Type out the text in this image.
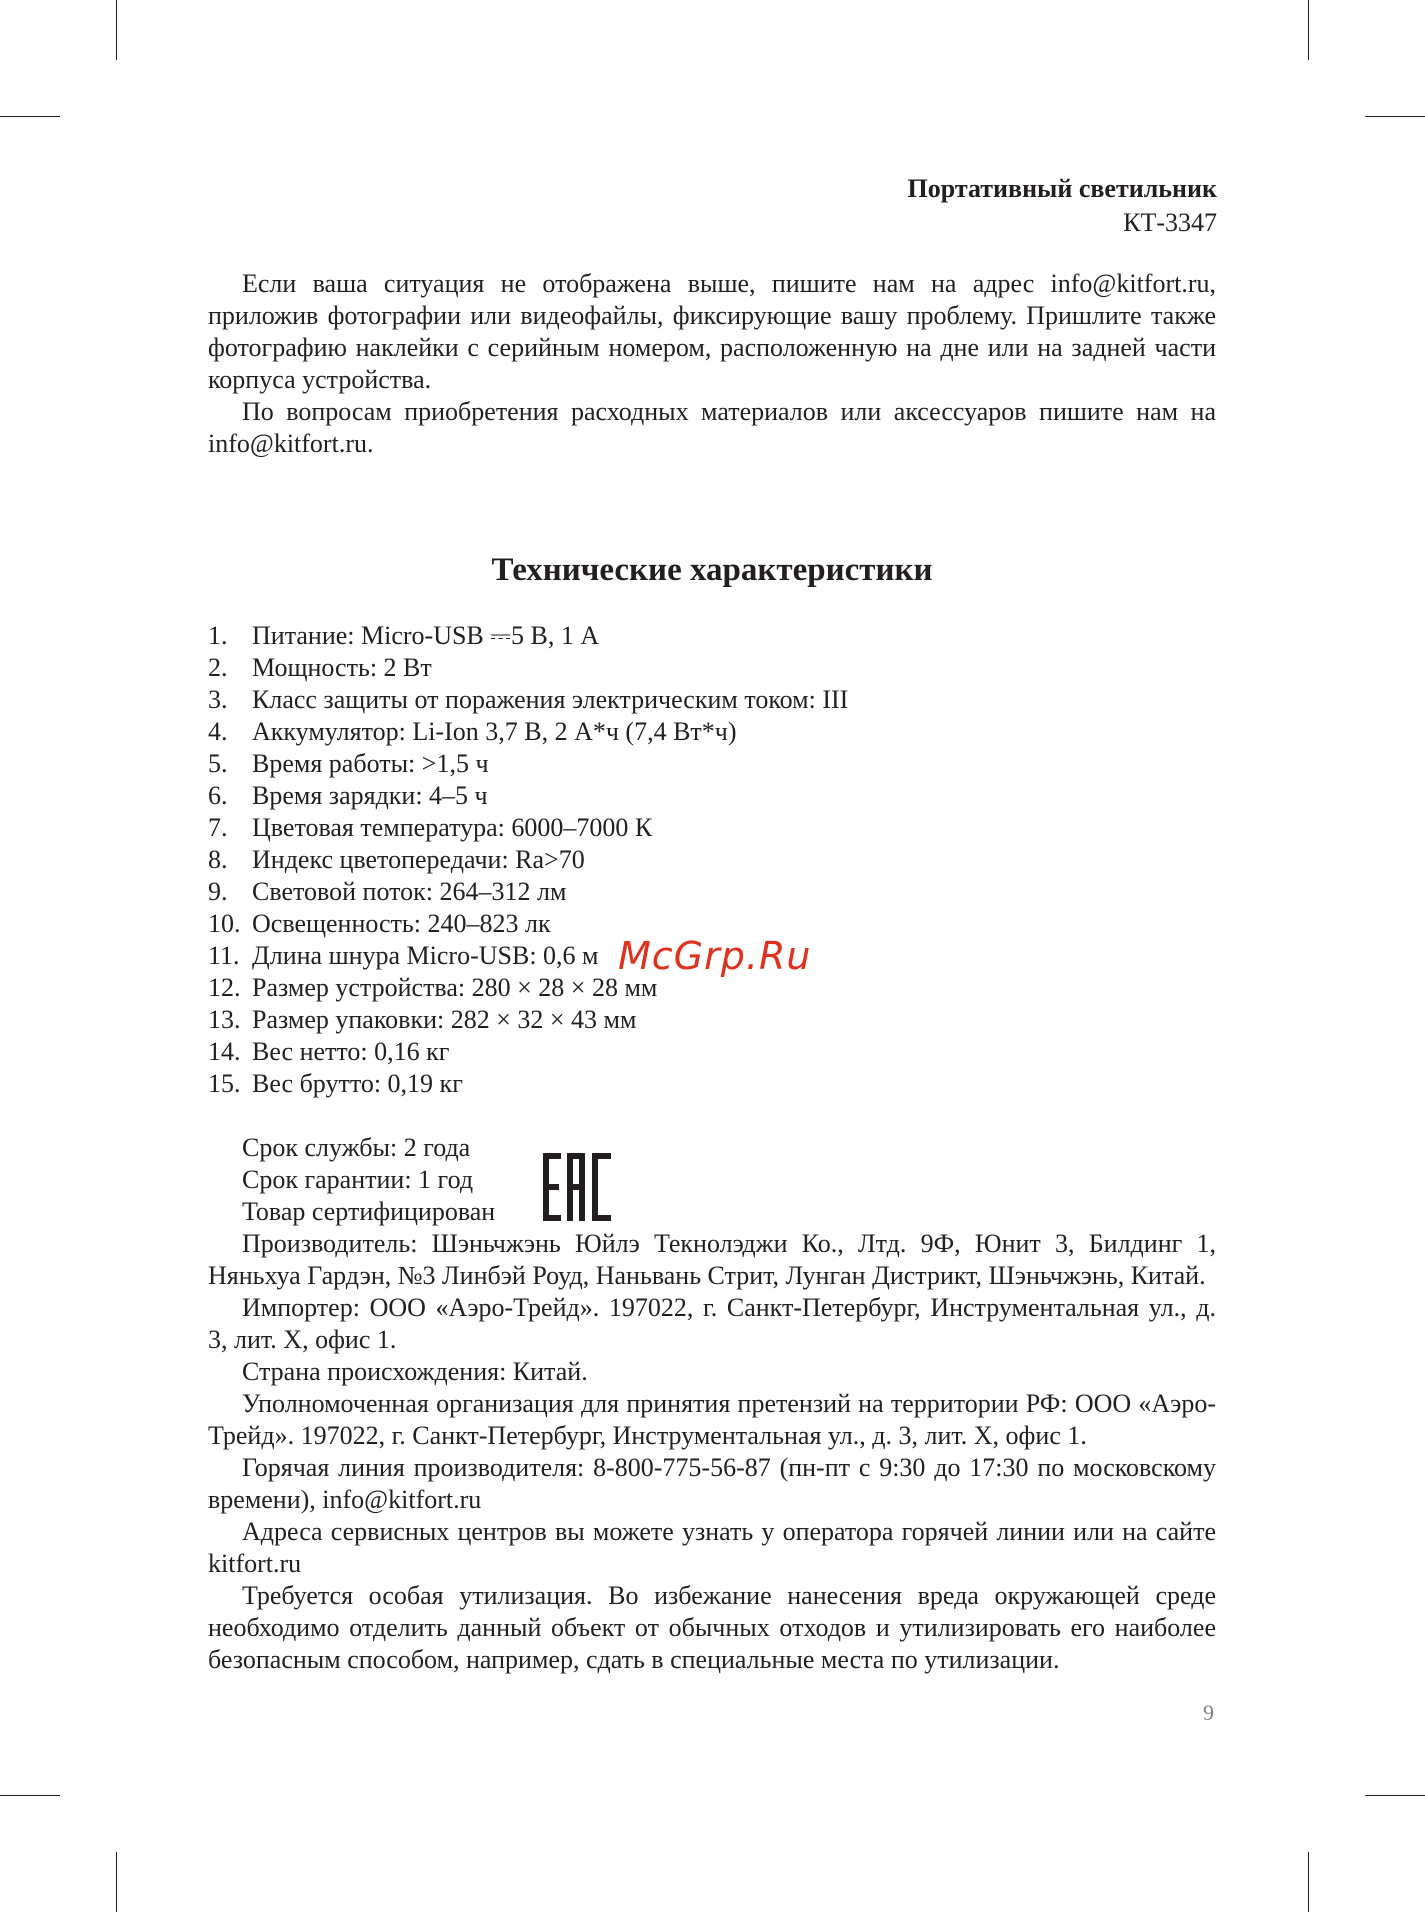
Портативный светильник
КТ-3347

Если ваша ситуация не отображена выше, пишите нам на адрес info@kitfort.ru, приложив фотографии или видеофайлы, фиксирующие вашу проблему. Пришлите также фотографию наклейки с серийным номером, расположенную на дне или на задней части корпуса устройства.

По вопросам приобретения расходных материалов или аксессуаров пишите нам на info@kitfort.ru.

Технические характеристики
1. Питание: Micro-USB ⎓5 В, 1 А
2. Мощность: 2 Вт
3. Класс защиты от поражения электрическим током: III
4. Аккумулятор: Li-Ion 3,7 В, 2 А*ч (7,4 Вт*ч)
5. Время работы: >1,5 ч
6. Время зарядки: 4–5 ч
7. Цветовая температура: 6000–7000 К
8. Индекс цветопередачи: Ra>70
9. Световой поток: 264–312 лм
10. Освещенность: 240–823 лк
11. Длина шнура Micro-USB: 0,6 м
12. Размер устройства: 280 × 28 × 28 мм
13. Размер упаковки: 282 × 32 × 43 мм
14. Вес нетто: 0,16 кг
15. Вес брутто: 0,19 кг
Срок службы: 2 года
Срок гарантии: 1 год
Товар сертифицирован

Производитель: Шэньчжэнь Юйлэ Текнолэджи Ко., Лтд. 9Ф, Юнит 3, Билдинг 1, Няньхуа Гардэн, №3 Линбэй Роуд, Наньвань Стрит, Лунган Дистрикт, Шэньчжэнь, Китай.

Импортер: ООО «Аэро-Трейд». 197022, г. Санкт-Петербург, Инструментальная ул., д. 3, лит. Х, офис 1.

Страна происхождения: Китай.

Уполномоченная организация для принятия претензий на территории РФ: ООО «Аэро-Трейд». 197022, г. Санкт-Петербург, Инструментальная ул., д. 3, лит. Х, офис 1.

Горячая линия производителя: 8-800-775-56-87 (пн-пт с 9:30 до 17:30 по московскому времени), info@kitfort.ru

Адреса сервисных центров вы можете узнать у оператора горячей линии или на сайте kitfort.ru

Требуется особая утилизация. Во избежание нанесения вреда окружающей среде необходимо отделить данный объект от обычных отходов и утилизировать его наиболее безопасным способом, например, сдать в специальные места по утилизации.

McGrp.Ru
9
